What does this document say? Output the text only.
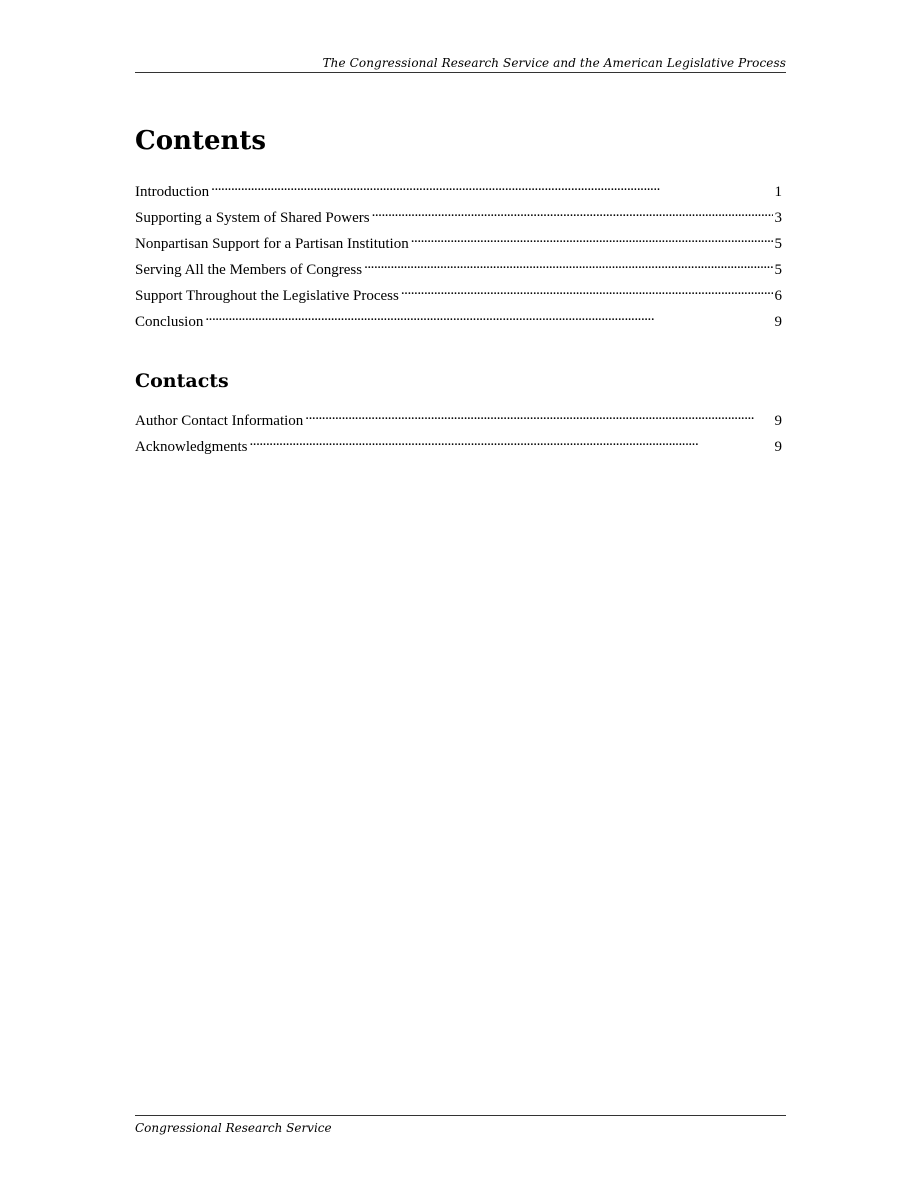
The Congressional Research Service and the American Legislative Process
Contents
Introduction . . .	1
Supporting a System of Shared Powers . . .	3
Nonpartisan Support for a Partisan Institution . . .	5
Serving All the Members of Congress . . .	5
Support Throughout the Legislative Process . . .	6
Conclusion . . .	9
Contacts
Author Contact Information . . .	9
Acknowledgments . . .	9
Congressional Research Service
